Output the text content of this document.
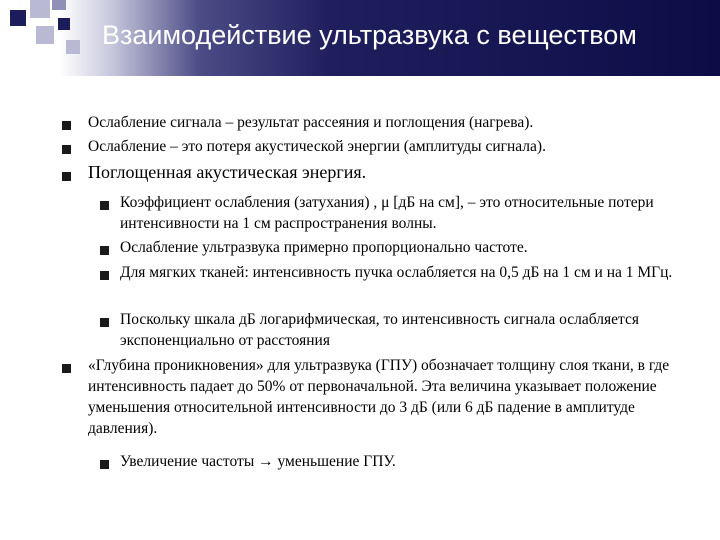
Взаимодействие ультразвука с веществом
Ослабление сигнала – результат рассеяния и поглощения (нагрева).
Ослабление – это потеря акустической энергии (амплитуды сигнала).
Поглощенная акустическая энергия.
Коэффициент ослабления (затухания) , μ [дБ на см], – это относительные потери интенсивности на 1 см распространения волны.
Ослабление ультразвука примерно пропорционально частоте.
Для мягких тканей: интенсивность пучка ослабляется на 0,5 дБ на 1 см и на 1 МГц.
Поскольку шкала дБ логарифмическая, то интенсивность сигнала ослабляется экспоненциально от расстояния
«Глубина проникновения» для ультразвука (ГПУ) обозначает толщину слоя ткани, в где интенсивность падает до 50% от первоначальной. Эта величина указывает положение уменьшения относительной интенсивности до 3 дБ (или 6 дБ падение в амплитуде давления).
Увеличение частоты → уменьшение ГПУ.
